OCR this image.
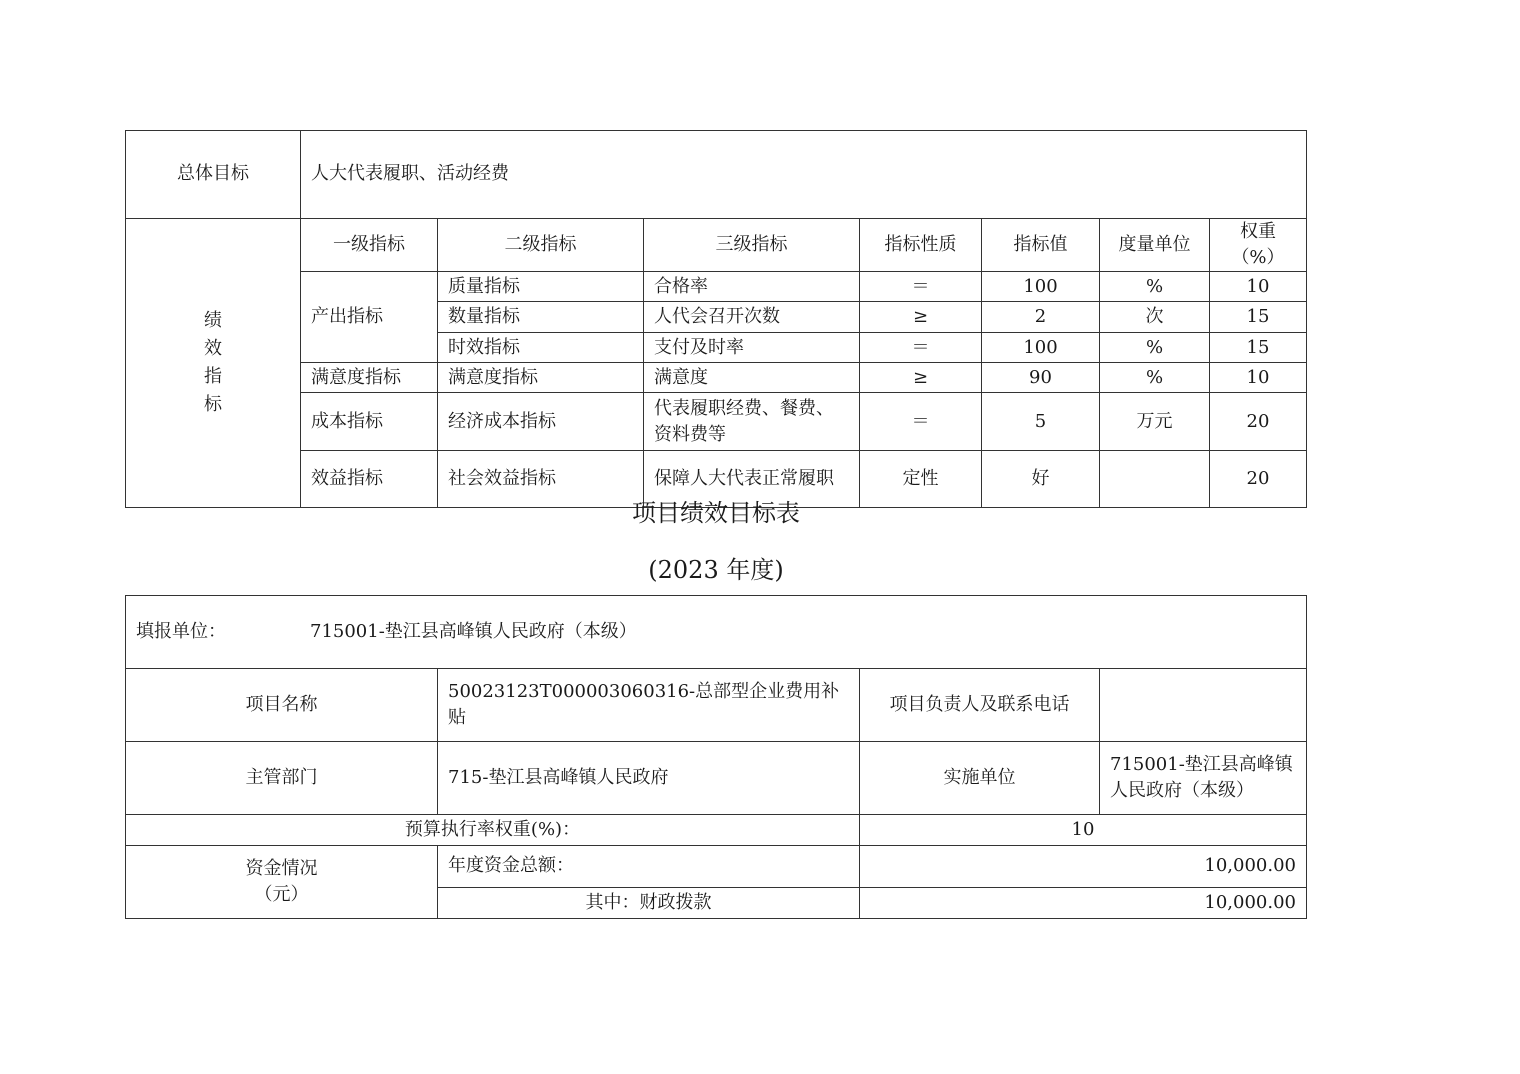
总体目标	人大代表履职、活动经费						

绩
效
指
标	一级指标	二级指标	三级指标	指标性质	指标值	度量单位	权重（%）
	产出指标	质量指标	合格率	＝	100	%	10
		数量指标	人代会召开次数	≥	2	次	15
		时效指标	支付及时率	＝	100	%	15
	满意度指标	满意度指标	满意度	≥	90	%	10
	成本指标	经济成本指标	代表履职经费、餐费、资料费等	＝	5	万元	20
	效益指标	社会效益指标	保障人大代表正常履职	定性	好		20
项目绩效目标表
(2023 年度)
填报单位： 715001-垫江县高峰镇人民政府（本级）			
项目名称	50023123T000003060316-总部型企业费用补贴	项目负责人及联系电话	
主管部门	715-垫江县高峰镇人民政府	实施单位	715001-垫江县高峰镇人民政府（本级）
预算执行率权重(%)：		10	
资金情况
（元）	年度资金总额：	10,000.00	
	其中：财政拨款	10,000.00	
